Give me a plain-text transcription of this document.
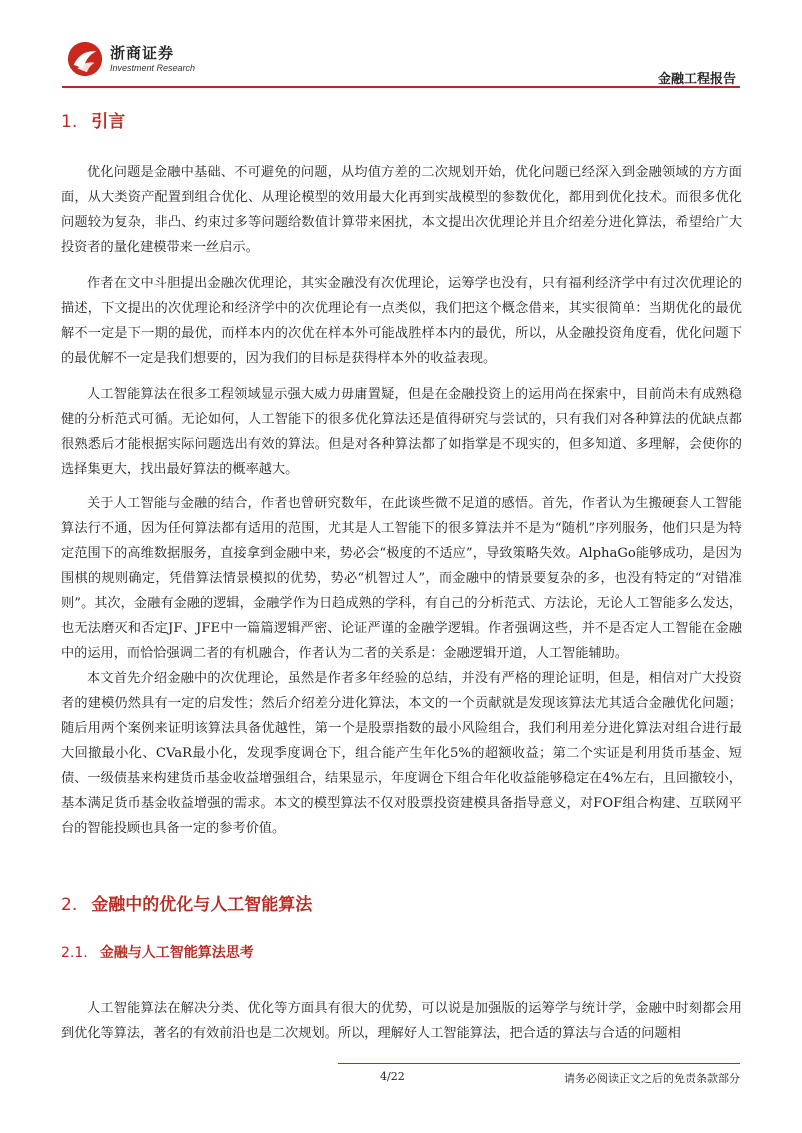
浙商证券
Investment Research
金融工程报告
1. 引言

优化问题是金融中基础、不可避免的问题，从均值方差的二次规划开始，优化问题已经深入到金融领域的方方面面，从大类资产配置到组合优化、从理论模型的效用最大化再到实战模型的参数优化，都用到优化技术。而很多优化问题较为复杂，非凸、约束过多等问题给数值计算带来困扰，本文提出次优理论并且介绍差分进化算法，希望给广大投资者的量化建模带来一丝启示。

作者在文中斗胆提出金融次优理论，其实金融没有次优理论，运筹学也没有，只有福利经济学中有过次优理论的描述，下文提出的次优理论和经济学中的次优理论有一点类似，我们把这个概念借来，其实很简单：当期优化的最优解不一定是下一期的最优，而样本内的次优在样本外可能战胜样本内的最优，所以，从金融投资角度看，优化问题下的最优解不一定是我们想要的，因为我们的目标是获得样本外的收益表现。

人工智能算法在很多工程领域显示强大威力毋庸置疑，但是在金融投资上的运用尚在探索中，目前尚未有成熟稳健的分析范式可循。无论如何，人工智能下的很多优化算法还是值得研究与尝试的，只有我们对各种算法的优缺点都很熟悉后才能根据实际问题选出有效的算法。但是对各种算法都了如指掌是不现实的，但多知道、多理解，会使你的选择集更大，找出最好算法的概率越大。

关于人工智能与金融的结合，作者也曾研究数年，在此谈些微不足道的感悟。首先，作者认为生搬硬套人工智能算法行不通，因为任何算法都有适用的范围，尤其是人工智能下的很多算法并不是为“随机”序列服务，他们只是为特定范围下的高维数据服务，直接拿到金融中来，势必会“极度的不适应”，导致策略失效。AlphaGo能够成功，是因为围棋的规则确定，凭借算法情景模拟的优势，势必“机智过人”，而金融中的情景要复杂的多，也没有特定的“对错准则”。其次，金融有金融的逻辑，金融学作为日趋成熟的学科，有自己的分析范式、方法论，无论人工智能多么发达，也无法磨灭和否定JF、JFE中一篇篇逻辑严密、论证严谨的金融学逻辑。作者强调这些，并不是否定人工智能在金融中的运用，而恰恰强调二者的有机融合，作者认为二者的关系是：金融逻辑开道，人工智能辅助。

本文首先介绍金融中的次优理论，虽然是作者多年经验的总结，并没有严格的理论证明，但是，相信对广大投资者的建模仍然具有一定的启发性；然后介绍差分进化算法，本文的一个贡献就是发现该算法尤其适合金融优化问题；随后用两个案例来证明该算法具备优越性，第一个是股票指数的最小风险组合，我们利用差分进化算法对组合进行最大回撤最小化、CVaR最小化，发现季度调仓下，组合能产生年化5%的超额收益；第二个实证是利用货币基金、短债、一级债基来构建货币基金收益增强组合，结果显示，年度调仓下组合年化收益能够稳定在4%左右，且回撤较小，基本满足货币基金收益增强的需求。本文的模型算法不仅对股票投资建模具备指导意义，对FOF组合构建、互联网平台的智能投顾也具备一定的参考价值。

2. 金融中的优化与人工智能算法
2.1. 金融与人工智能算法思考

人工智能算法在解决分类、优化等方面具有很大的优势，可以说是加强版的运筹学与统计学，金融中时刻都会用到优化等算法，著名的有效前沿也是二次规划。所以，理解好人工智能算法，把合适的算法与合适的问题相

4/22	请务必阅读正文之后的免责条款部分
